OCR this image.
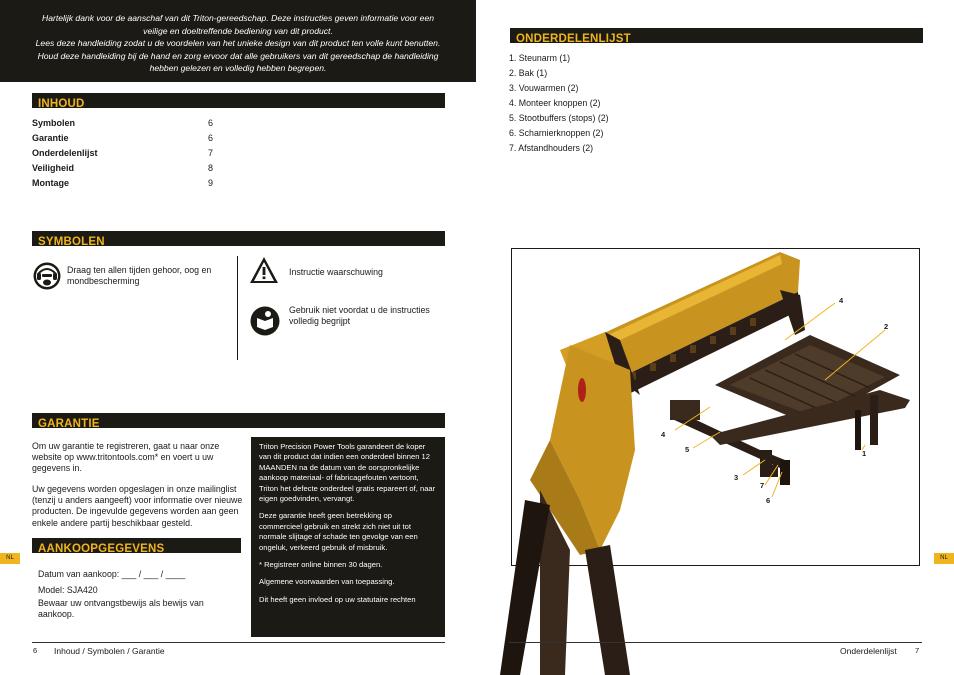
Hartelijk dank voor de aanschaf van dit Triton-gereedschap. Deze instructies geven informatie voor een
veilige en doeltreffende bediening van dit product.
Lees deze handleiding zodat u de voordelen van het unieke design van dit product ten volle kunt benutten.
Houd deze handleiding bij de hand en zorg ervoor dat alle gebruikers van dit gereedschap de handleiding
hebben gelezen en volledig hebben begrepen.
INHOUD
Symbolen	6
Garantie	6
Onderdelenlijst	7
Veiligheid	8
Montage	9
SYMBOLEN
Draag ten allen tijden gehoor, oog en mondbescherming
Instructie waarschuwing
Gebruik niet voordat u de instructies volledig begrijpt
GARANTIE
Om uw garantie te registreren, gaat u naar onze website op www.tritontools.com* en voert u uw gegevens in.
Uw gegevens worden opgeslagen in onze mailinglist (tenzij u anders aangeeft) voor informatie over nieuwe producten. De ingevulde gegevens worden aan geen enkele andere partij beschikbaar gesteld.

Triton Precision Power Tools garandeert de koper van dit product dat indien een onderdeel binnen 12 MAANDEN na de datum van de oorspronkelijke aankoop materiaal- of fabricagefouten vertoont, Triton het defecte onderdeel gratis repareert of, naar eigen goedvinden, vervangt.

Deze garantie heeft geen betrekking op commercieel gebruik en strekt zich niet uit tot normale slijtage of schade ten gevolge van een ongeluk, verkeerd gebruik of misbruik.

* Registreer online binnen 30 dagen.

Algemene voorwaarden van toepassing.

Dit heeft geen invloed op uw statutaire rechten

AANKOOPGEGEVENS
Datum van aankoop: ___ / ___ / ____
Model: SJA420
Bewaar uw ontvangstbewijs als bewijs van aankoop.
NL
6 Inhoud / Symbolen / Garantie
ONDERDELENLIJST
1. Steunarm (1)
2. Bak (1)
3. Vouwarmen (2)
4. Monteer knoppen (2)
5. Stootbuffers (stops) (2)
6. Scharnierknoppen (2)
7. Afstandhouders (2)
4
2
4
5	1
3
7
6
NL
Onderdelenlijst 7
